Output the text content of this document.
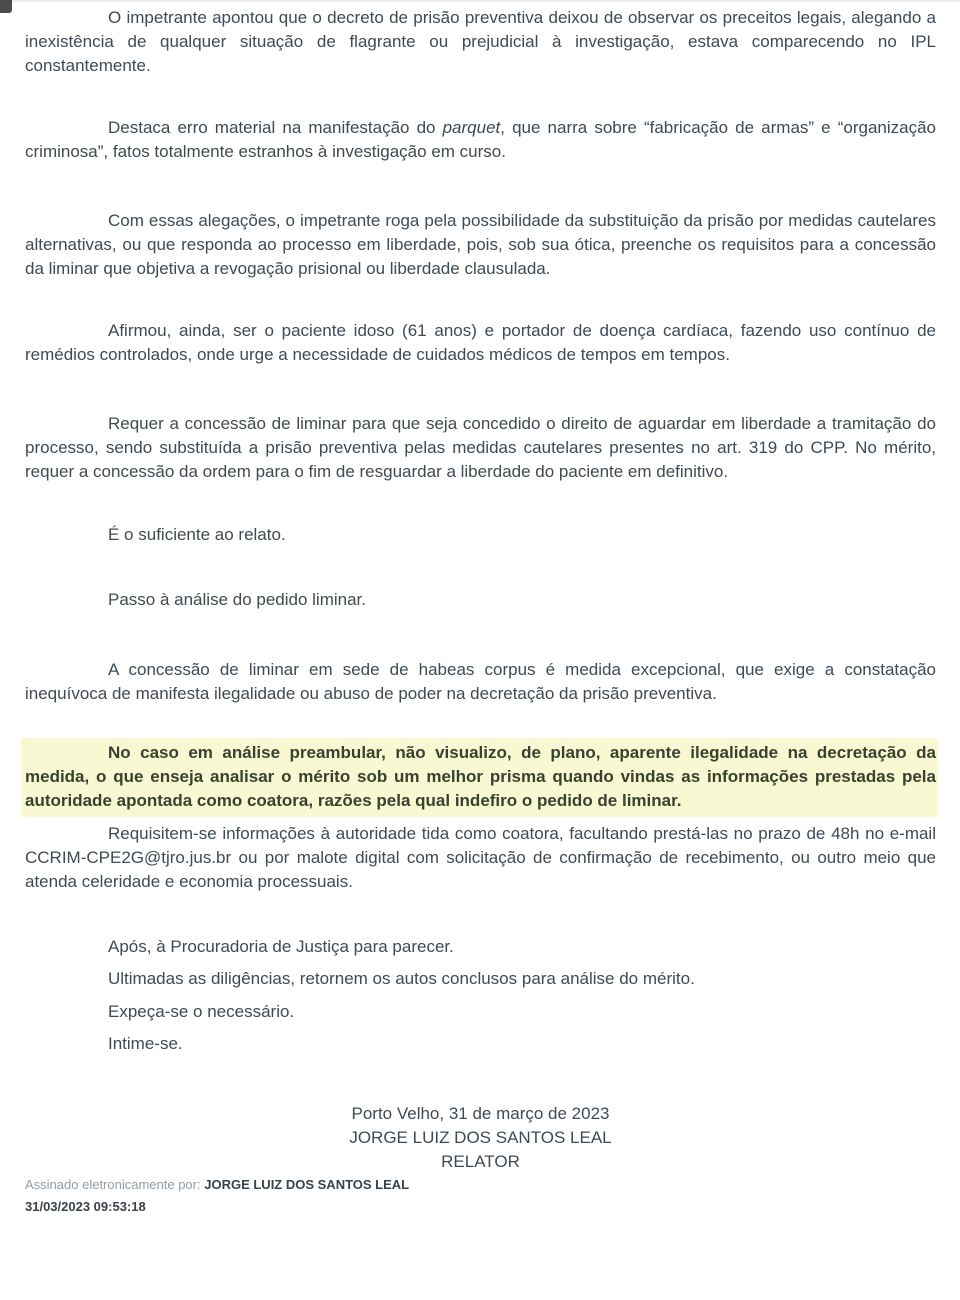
O impetrante apontou que o decreto de prisão preventiva deixou de observar os preceitos legais, alegando a inexistência de qualquer situação de flagrante ou prejudicial à investigação, estava comparecendo no IPL constantemente.

Destaca erro material na manifestação do parquet, que narra sobre “fabricação de armas” e “organização criminosa”, fatos totalmente estranhos à investigação em curso.

Com essas alegações, o impetrante roga pela possibilidade da substituição da prisão por medidas cautelares alternativas, ou que responda ao processo em liberdade, pois, sob sua ótica, preenche os requisitos para a concessão da liminar que objetiva a revogação prisional ou liberdade clausulada.

Afirmou, ainda, ser o paciente idoso (61 anos) e portador de doença cardíaca, fazendo uso contínuo de remédios controlados, onde urge a necessidade de cuidados médicos de tempos em tempos.

Requer a concessão de liminar para que seja concedido o direito de aguardar em liberdade a tramitação do processo, sendo substituída a prisão preventiva pelas medidas cautelares presentes no art. 319 do CPP. No mérito, requer a concessão da ordem para o fim de resguardar a liberdade do paciente em definitivo.

É o suficiente ao relato.

Passo à análise do pedido liminar.

A concessão de liminar em sede de habeas corpus é medida excepcional, que exige a constatação inequívoca de manifesta ilegalidade ou abuso de poder na decretação da prisão preventiva.

No caso em análise preambular, não visualizo, de plano, aparente ilegalidade na decretação da medida, o que enseja analisar o mérito sob um melhor prisma quando vindas as informações prestadas pela autoridade apontada como coatora, razões pela qual indefiro o pedido de liminar.

Requisitem-se informações à autoridade tida como coatora, facultando prestá-las no prazo de 48h no e-mail CCRIM-CPE2G@tjro.jus.br ou por malote digital com solicitação de confirmação de recebimento, ou outro meio que atenda celeridade e economia processuais.

Após, à Procuradoria de Justiça para parecer.

Ultimadas as diligências, retornem os autos conclusos para análise do mérito.

Expeça-se o necessário.

Intime-se.

Porto Velho, 31 de março de 2023

JORGE LUIZ DOS SANTOS LEAL

RELATOR

Assinado eletronicamente por: JORGE LUIZ DOS SANTOS LEAL

31/03/2023 09:53:18
